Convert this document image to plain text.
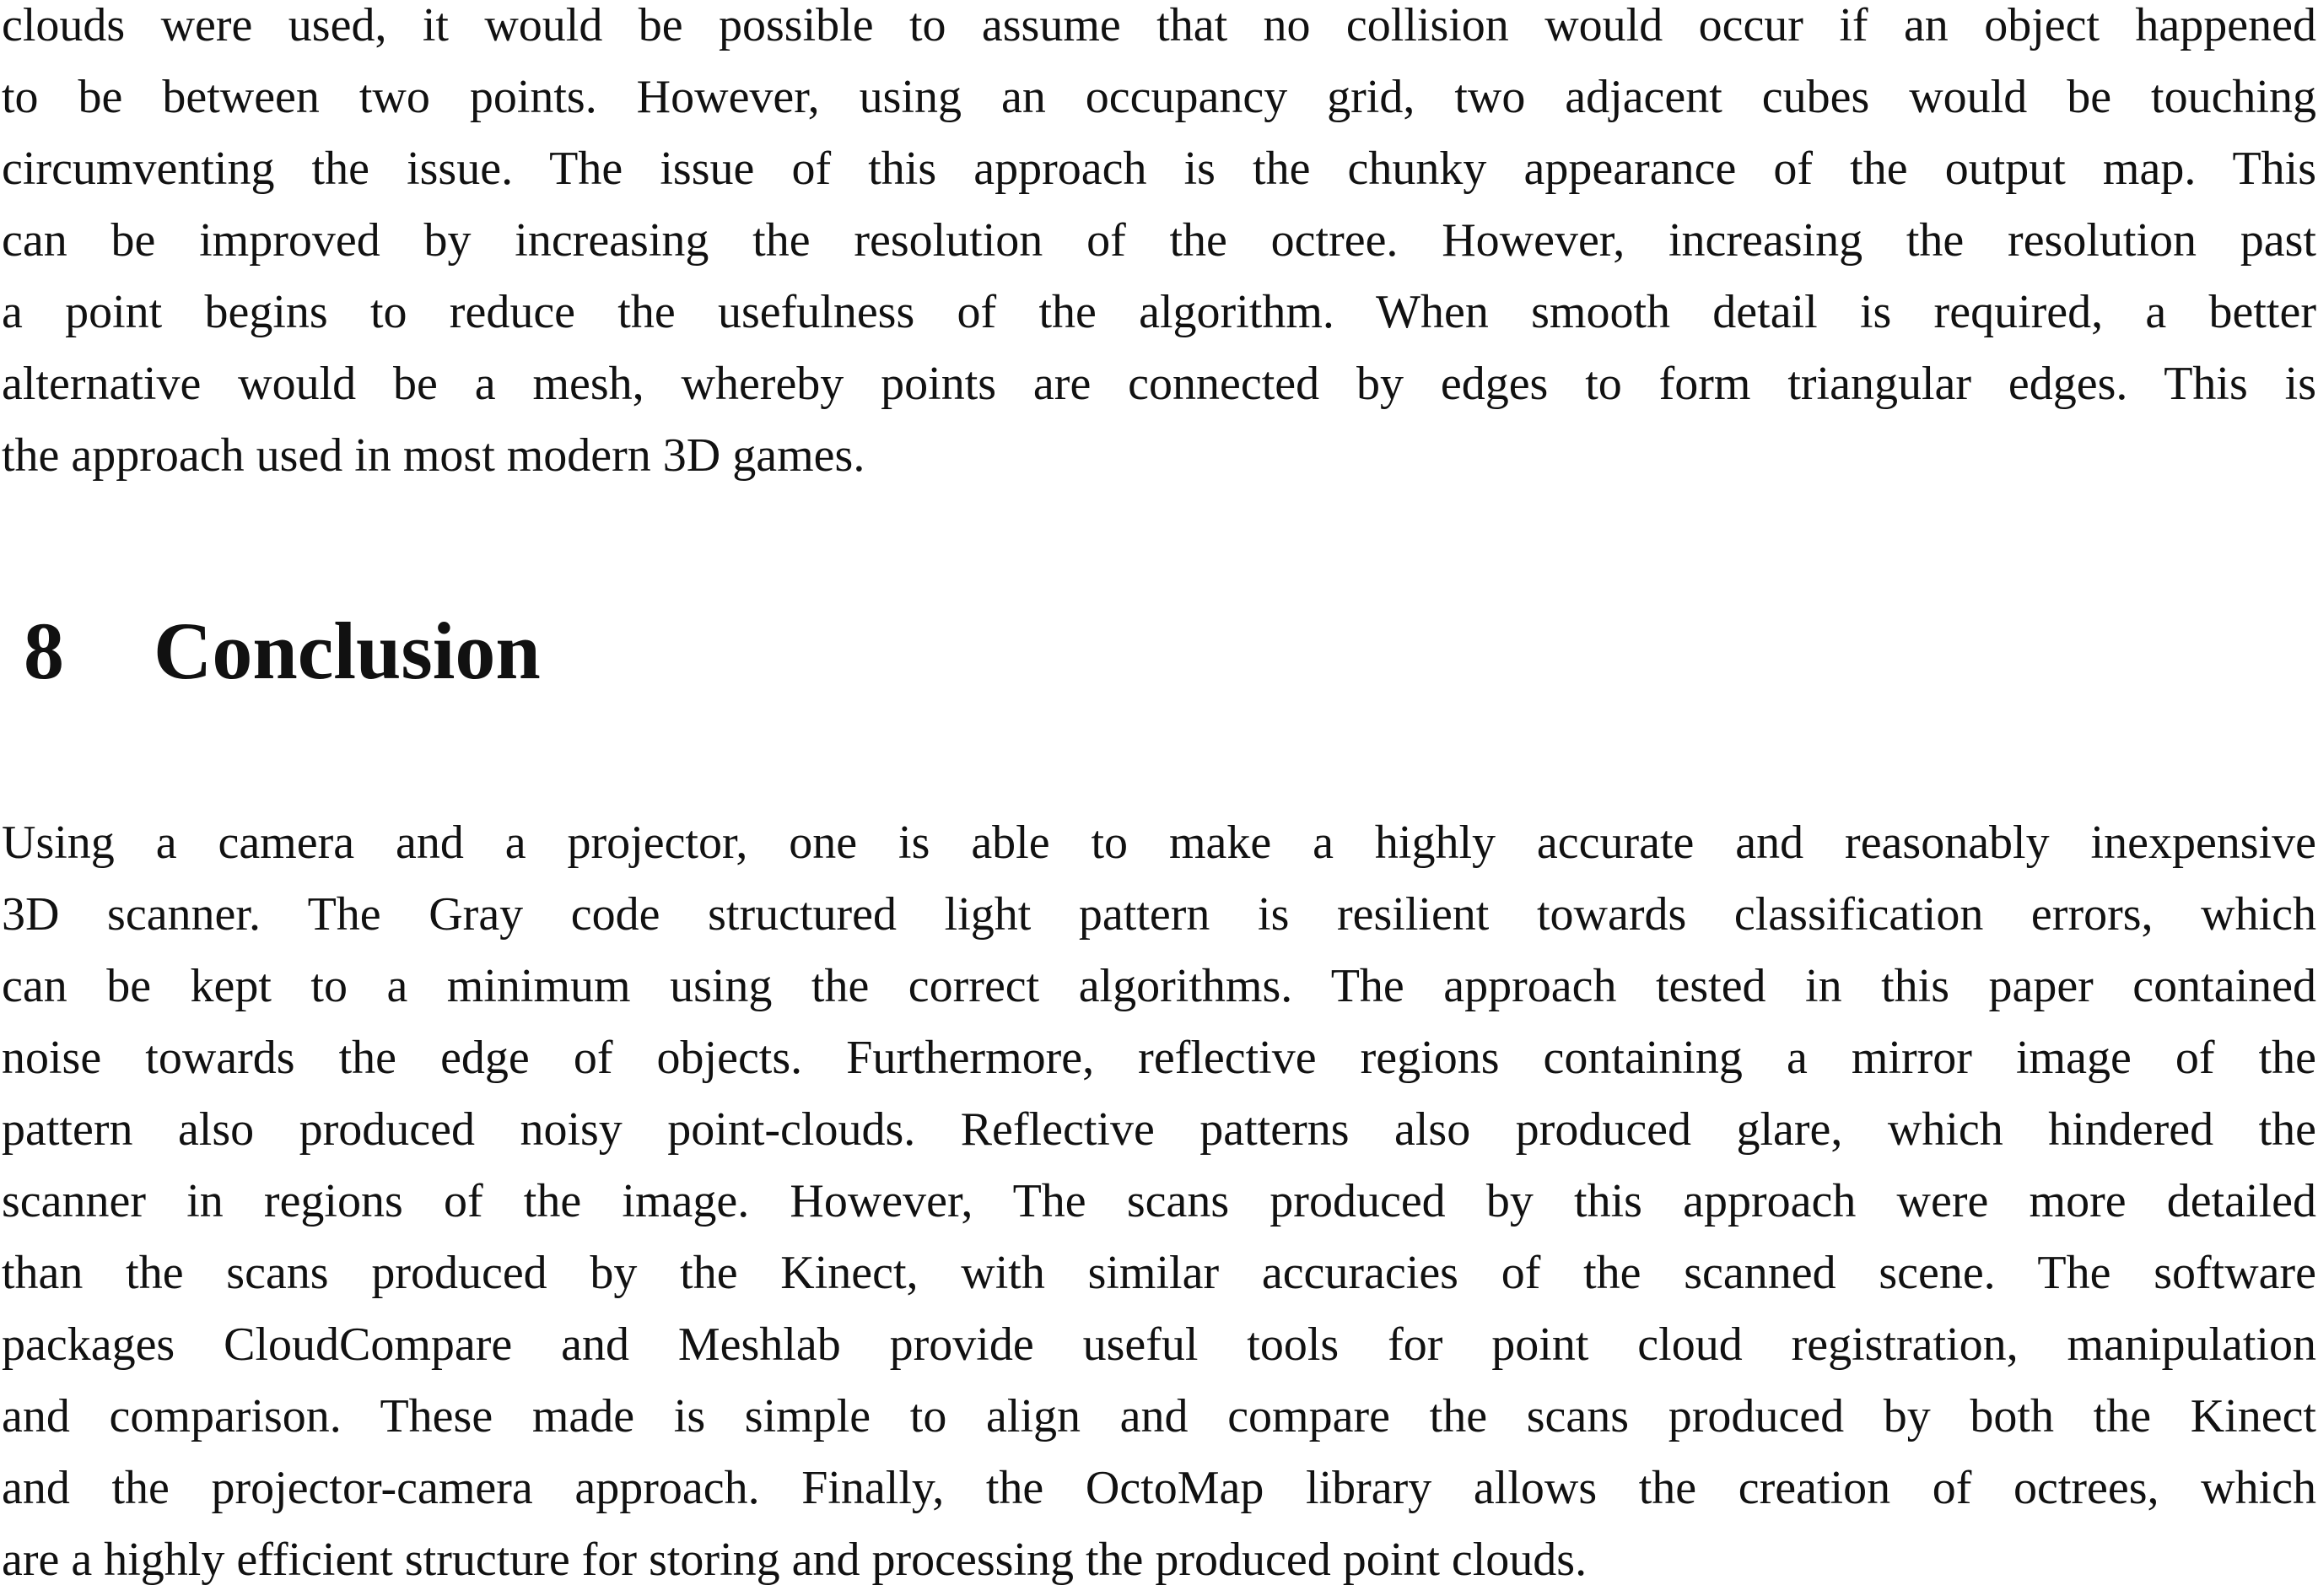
clouds were used, it would be possible to assume that no collision would occur if an object happened
to be between two points. However, using an occupancy grid, two adjacent cubes would be touching
circumventing the issue. The issue of this approach is the chunky appearance of the output map. This
can be improved by increasing the resolution of the octree. However, increasing the resolution past
a point begins to reduce the usefulness of the algorithm. When smooth detail is required, a better
alternative would be a mesh, whereby points are connected by edges to form triangular edges. This is
the approach used in most modern 3D games.

8 Conclusion

Using a camera and a projector, one is able to make a highly accurate and reasonably inexpensive
3D scanner. The Gray code structured light pattern is resilient towards classification errors, which
can be kept to a minimum using the correct algorithms. The approach tested in this paper contained
noise towards the edge of objects. Furthermore, reflective regions containing a mirror image of the
pattern also produced noisy point-clouds. Reflective patterns also produced glare, which hindered the
scanner in regions of the image. However, The scans produced by this approach were more detailed
than the scans produced by the Kinect, with similar accuracies of the scanned scene. The software
packages CloudCompare and Meshlab provide useful tools for point cloud registration, manipulation
and comparison. These made is simple to align and compare the scans produced by both the Kinect
and the projector-camera approach. Finally, the OctoMap library allows the creation of octrees, which
are a highly efficient structure for storing and processing the produced point clouds.
